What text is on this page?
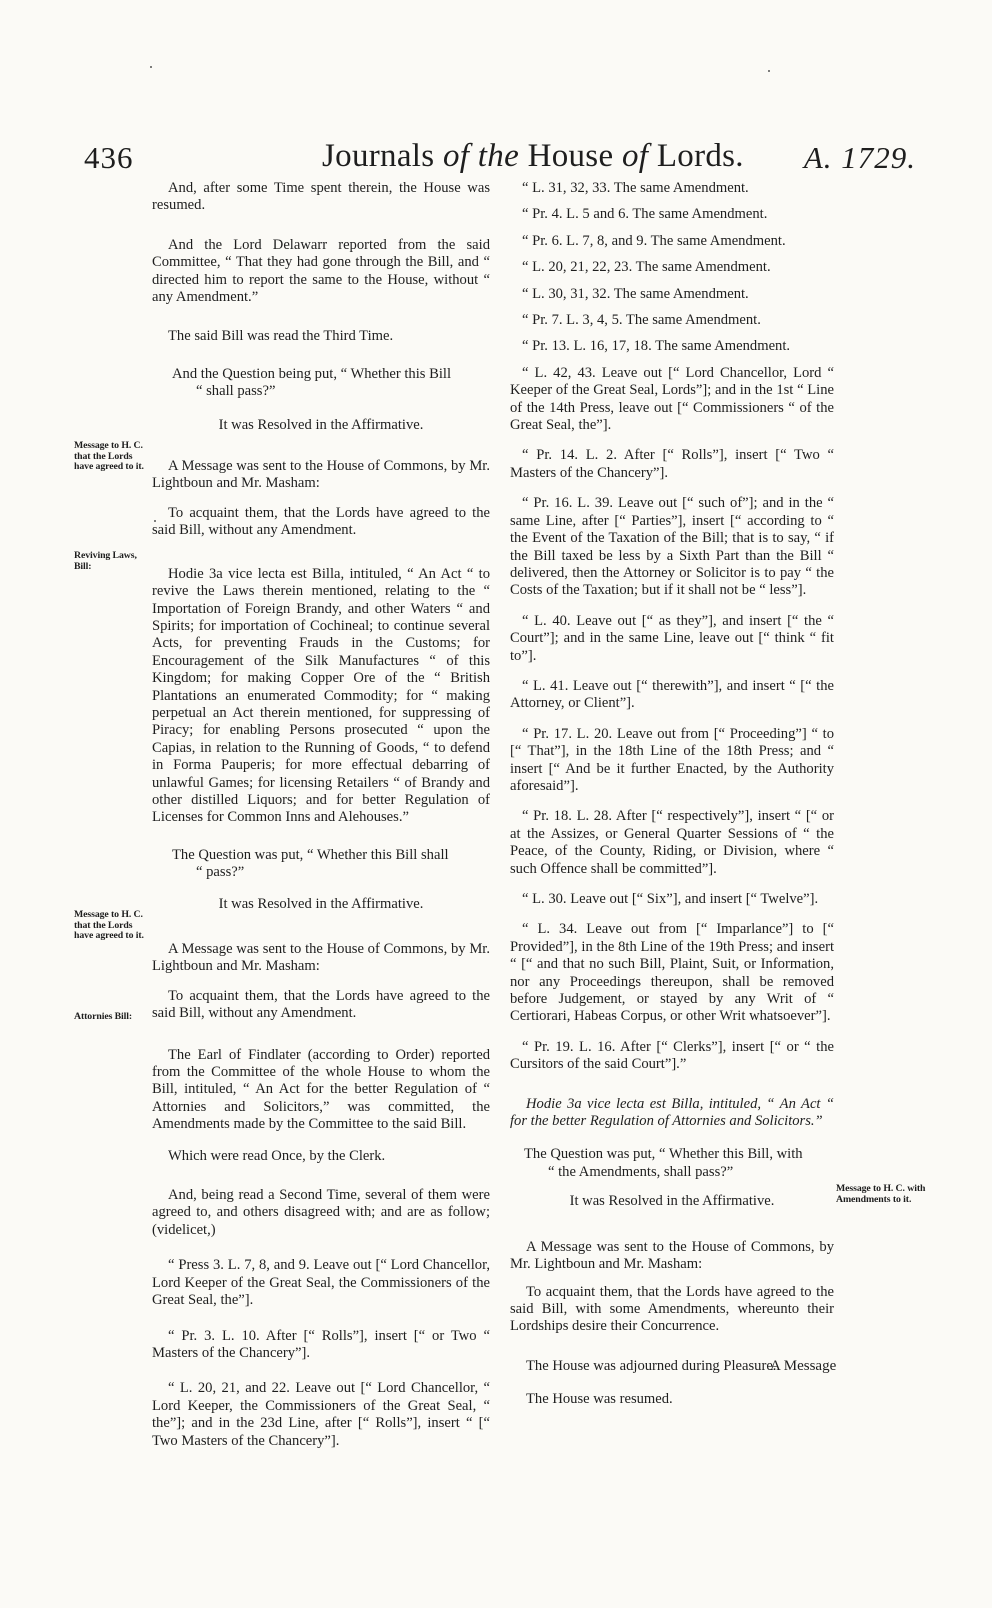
436	Journals of the House of Lords. A. 1729.
Message to H. C. that the Lords have agreed to it.
Reviving Laws, Bill:
Message to H. C. that the Lords have agreed to it.
Attornies Bill:
Message to H. C. with Amendments to it.

And, after some Time spent therein, the House was resumed.

And the Lord Delawarr reported from the said Committee, “ That they had gone through the Bill, and “ directed him to report the same to the House, without “ any Amendment.”

The said Bill was read the Third Time.

And the Question being put, “ Whether this Bill
“ shall pass?”

It was Resolved in the Affirmative.

A Message was sent to the House of Commons, by Mr. Lightboun and Mr. Masham:

To acquaint them, that the Lords have agreed to the said Bill, without any Amendment.

Hodie 3a vice lecta est Billa, intituled, “ An Act “ to revive the Laws therein mentioned, relating to the “ Importation of Foreign Brandy, and other Waters “ and Spirits; for importation of Cochineal; to continue several Acts, for preventing Frauds in the Customs; for Encouragement of the Silk Manufactures “ of this Kingdom; for making Copper Ore of the “ British Plantations an enumerated Commodity; for “ making perpetual an Act therein mentioned, for suppressing of Piracy; for enabling Persons prosecuted “ upon the Capias, in relation to the Running of Goods, “ to defend in Forma Pauperis; for more effectual debarring of unlawful Games; for licensing Retailers “ of Brandy and other distilled Liquors; and for better Regulation of Licenses for Common Inns and Alehouses.”

The Question was put, “ Whether this Bill shall
“ pass?”

It was Resolved in the Affirmative.

A Message was sent to the House of Commons, by Mr. Lightboun and Mr. Masham:

To acquaint them, that the Lords have agreed to the said Bill, without any Amendment.

The Earl of Findlater (according to Order) reported from the Committee of the whole House to whom the Bill, intituled, “ An Act for the better Regulation of “ Attornies and Solicitors,” was committed, the Amendments made by the Committee to the said Bill.

Which were read Once, by the Clerk.

And, being read a Second Time, several of them were agreed to, and others disagreed with; and are as follow; (videlicet,)

“ Press 3. L. 7, 8, and 9. Leave out [“ Lord Chancellor, Lord Keeper of the Great Seal, the Commissioners of the Great Seal, the”].

“ Pr. 3. L. 10. After [“ Rolls”], insert [“ or Two “ Masters of the Chancery”].

“ L. 20, 21, and 22. Leave out [“ Lord Chancellor, “ Lord Keeper, the Commissioners of the Great Seal, “ the”]; and in the 23d Line, after [“ Rolls”], insert “ [“ Two Masters of the Chancery”].

“ L. 31, 32, 33. The same Amendment.

“ Pr. 4. L. 5 and 6. The same Amendment.

“ Pr. 6. L. 7, 8, and 9. The same Amendment.

“ L. 20, 21, 22, 23. The same Amendment.

“ L. 30, 31, 32. The same Amendment.

“ Pr. 7. L. 3, 4, 5. The same Amendment.

“ Pr. 13. L. 16, 17, 18. The same Amendment.

“ L. 42, 43. Leave out [“ Lord Chancellor, Lord “ Keeper of the Great Seal, Lords”]; and in the 1st “ Line of the 14th Press, leave out [“ Commissioners “ of the Great Seal, the”].

“ Pr. 14. L. 2. After [“ Rolls”], insert [“ Two “ Masters of the Chancery”].

“ Pr. 16. L. 39. Leave out [“ such of”]; and in the “ same Line, after [“ Parties”], insert [“ according to “ the Event of the Taxation of the Bill; that is to say, “ if the Bill taxed be less by a Sixth Part than the Bill “ delivered, then the Attorney or Solicitor is to pay “ the Costs of the Taxation; but if it shall not be “ less”].

“ L. 40. Leave out [“ as they”], and insert [“ the “ Court”]; and in the same Line, leave out [“ think “ fit to”].

“ L. 41. Leave out [“ therewith”], and insert “ [“ the Attorney, or Client”].

“ Pr. 17. L. 20. Leave out from [“ Proceeding”] “ to [“ That”], in the 18th Line of the 18th Press; and “ insert [“ And be it further Enacted, by the Authority aforesaid”].

“ Pr. 18. L. 28. After [“ respectively”], insert “ [“ or at the Assizes, or General Quarter Sessions of “ the Peace, of the County, Riding, or Division, where “ such Offence shall be committed”].

“ L. 30. Leave out [“ Six”], and insert [“ Twelve”].

“ L. 34. Leave out from [“ Imparlance”] to [“ Provided”], in the 8th Line of the 19th Press; and insert “ [“ and that no such Bill, Plaint, Suit, or Information, nor any Proceedings thereupon, shall be removed before Judgement, or stayed by any Writ of “ Certiorari, Habeas Corpus, or other Writ whatsoever”].

“ Pr. 19. L. 16. After [“ Clerks”], insert [“ or “ the Cursitors of the said Court”].”

Hodie 3a vice lecta est Billa, intituled, “ An Act “ for the better Regulation of Attornies and Solicitors.”

The Question was put, “ Whether this Bill, with
“ the Amendments, shall pass?”

It was Resolved in the Affirmative.

A Message was sent to the House of Commons, by Mr. Lightboun and Mr. Masham:

To acquaint them, that the Lords have agreed to the said Bill, with some Amendments, whereunto their Lordships desire their Concurrence.

The House was adjourned during Pleasure.

The House was resumed.

A Message
